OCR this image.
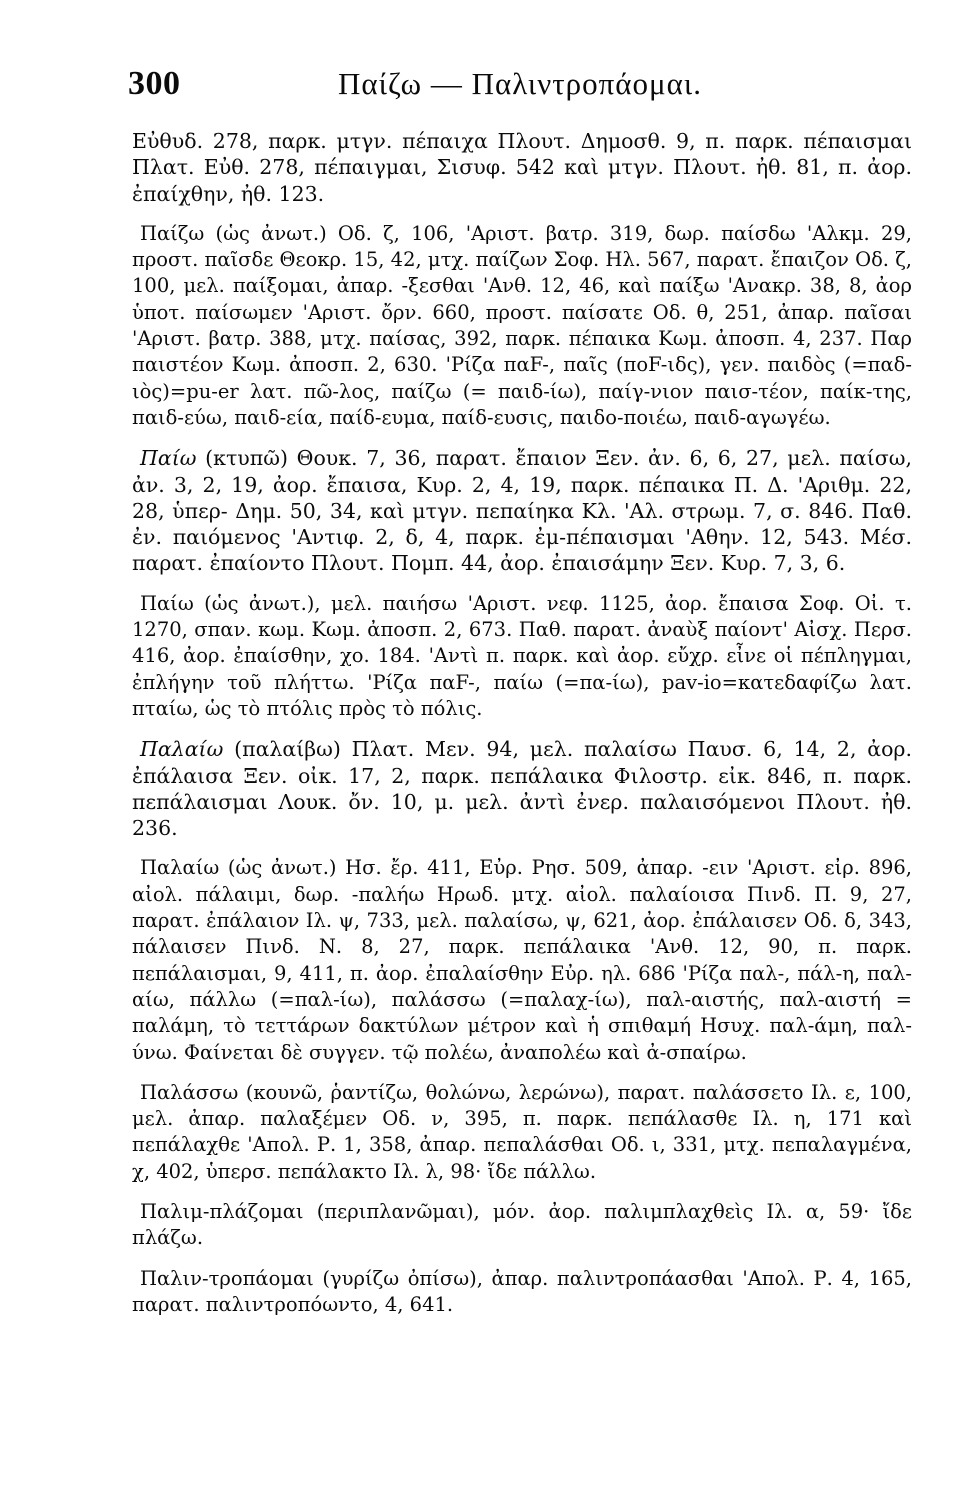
300	Παίζω — Παλιντροπάομαι.

Εὐθυδ. 278, παρκ. μτγν. πέπαιχα Πλουτ. Δημοσθ. 9, π. παρκ. πέπαισμαι Πλατ. Εὐθ. 278, πέπαιγμαι, Σισυφ. 542 καὶ μτγν. Πλουτ. ἠθ. 81, π. ἀορ. ἐπαίχθην, ἠθ. 123.

Παίζω (ὡς ἀνωτ.) Οδ. ζ, 106, 'Αριστ. βατρ. 319, δωρ. παίσδω 'Αλκμ. 29, προστ. παῖσδε Θεοκρ. 15, 42, μτχ. παίζων Σοφ. Ηλ. 567, παρατ. ἔπαιζον Οδ. ζ, 100, μελ. παίξομαι, ἀπαρ. -ξεσθαι 'Ανθ. 12, 46, καὶ παίξω 'Ανακρ. 38, 8, ἀορ ὑποτ. παίσωμεν 'Αριστ. ὄρν. 660, προστ. παίσατε Οδ. θ, 251, ἀπαρ. παῖσαι 'Αριστ. βατρ. 388, μτχ. παίσας, 392, παρκ. πέπαικα Κωμ. ἀποσπ. 4, 237. Παρ παιστέον Κωμ. ἀποσπ. 2, 630. 'Ρίζα παF-, παῖς (ποF-ιδς), γεν. παιδὸς (=παδ-ιὸς)=pu-er λατ. πῶ-λος, παίζω (= παιδ-ίω), παίγ-νιον παισ-τέον, παίκ-της, παιδ-εύω, παιδ-εία, παίδ-ευμα, παίδ-ευσις, παιδο-ποιέω, παιδ-αγωγέω.

Παίω (κτυπῶ) Θουκ. 7, 36, παρατ. ἔπαιον Ξεν. ἀν. 6, 6, 27, μελ. παίσω, ἀν. 3, 2, 19, ἀορ. ἔπαισα, Κυρ. 2, 4, 19, παρκ. πέπαικα Π. Δ. 'Αριθμ. 22, 28, ὑπερ- Δημ. 50, 34, καὶ μτγν. πεπαίηκα Κλ. 'Αλ. στρωμ. 7, σ. 846. Παθ. ἐν. παιόμενος 'Αντιφ. 2, δ, 4, παρκ. ἐμ-πέπαισμαι 'Αθην. 12, 543. Μέσ. παρατ. ἐπαίοντο Πλουτ. Πομπ. 44, ἀορ. ἐπαισάμην Ξεν. Κυρ. 7, 3, 6.

Παίω (ὡς ἀνωτ.), μελ. παιήσω 'Αριστ. νεφ. 1125, ἀορ. ἔπαισα Σοφ. Οἰ. τ. 1270, σπαν. κωμ. Κωμ. ἀποσπ. 2, 673. Παθ. παρατ. ἀναὺξ παίοντ' Αἰσχ. Περσ. 416, ἀορ. ἐπαίσθην, χο. 184. 'Αντὶ π. παρκ. καὶ ἀορ. εὔχρ. εἶνε οἱ πέπληγμαι, ἐπλήγην τοῦ πλήττω. 'Ρίζα παF-, παίω (=πα-ίω), pav-io=κατεδαφίζω λατ. πταίω, ὡς τὸ πτόλις πρὸς τὸ πόλις.

Παλαίω (παλαίβω) Πλατ. Μεν. 94, μελ. παλαίσω Παυσ. 6, 14, 2, ἀορ. ἐπάλαισα Ξεν. οἰκ. 17, 2, παρκ. πεπάλαικα Φιλοστρ. εἰκ. 846, π. παρκ. πεπάλαισμαι Λουκ. ὄν. 10, μ. μελ. ἀντὶ ἐνερ. παλαισόμενοι Πλουτ. ἠθ. 236.

Παλαίω (ὡς ἀνωτ.) Ησ. ἔρ. 411, Εὐρ. Ρησ. 509, ἀπαρ. -ειν 'Αριστ. εἰρ. 896, αἰολ. πάλαιμι, δωρ. -παλήω Ηρωδ. μτχ. αἰολ. παλαίοισα Πινδ. Π. 9, 27, παρατ. ἐπάλαιον Ιλ. ψ, 733, μελ. παλαίσω, ψ, 621, ἀορ. ἐπάλαισεν Οδ. δ, 343, πάλαισεν Πινδ. Ν. 8, 27, παρκ. πεπάλαικα 'Ανθ. 12, 90, π. παρκ. πεπάλαισμαι, 9, 411, π. ἀορ. ἐπαλαίσθην Εὐρ. ηλ. 686 'Ρίζα παλ-, πάλ-η, παλ-αίω, πάλλω (=παλ-ίω), παλάσσω (=παλαχ-ίω), παλ-αιστής, παλ-αιστή = παλάμη, τὸ τεττάρων δακτύλων μέτρον καὶ ἡ σπιθαμή Ησυχ. παλ-άμη, παλ-ύνω. Φαίνεται δὲ συγγεν. τῷ πολέω, ἀναπολέω καὶ ἀ-σπαίρω.

Παλάσσω (κουνῶ, ῥαντίζω, θολώνω, λερώνω), παρατ. παλάσσετο Ιλ. ε, 100, μελ. ἀπαρ. παλαξέμεν Οδ. ν, 395, π. παρκ. πεπάλασθε Ιλ. η, 171 καὶ πεπάλαχθε 'Απολ. Ρ. 1, 358, ἀπαρ. πεπαλάσθαι Οδ. ι, 331, μτχ. πεπαλαγμένα, χ, 402, ὑπερσ. πεπάλακτο Ιλ. λ, 98· ἴδε πάλλω.

Παλιμ-πλάζομαι (περιπλανῶμαι), μόν. ἀορ. παλιμπλαχθεὶς Ιλ. α, 59· ἴδε πλάζω.

Παλιν-τροπάομαι (γυρίζω ὀπίσω), ἀπαρ. παλιντροπάασθαι 'Απολ. Ρ. 4, 165, παρατ. παλιντροπόωντο, 4, 641.
